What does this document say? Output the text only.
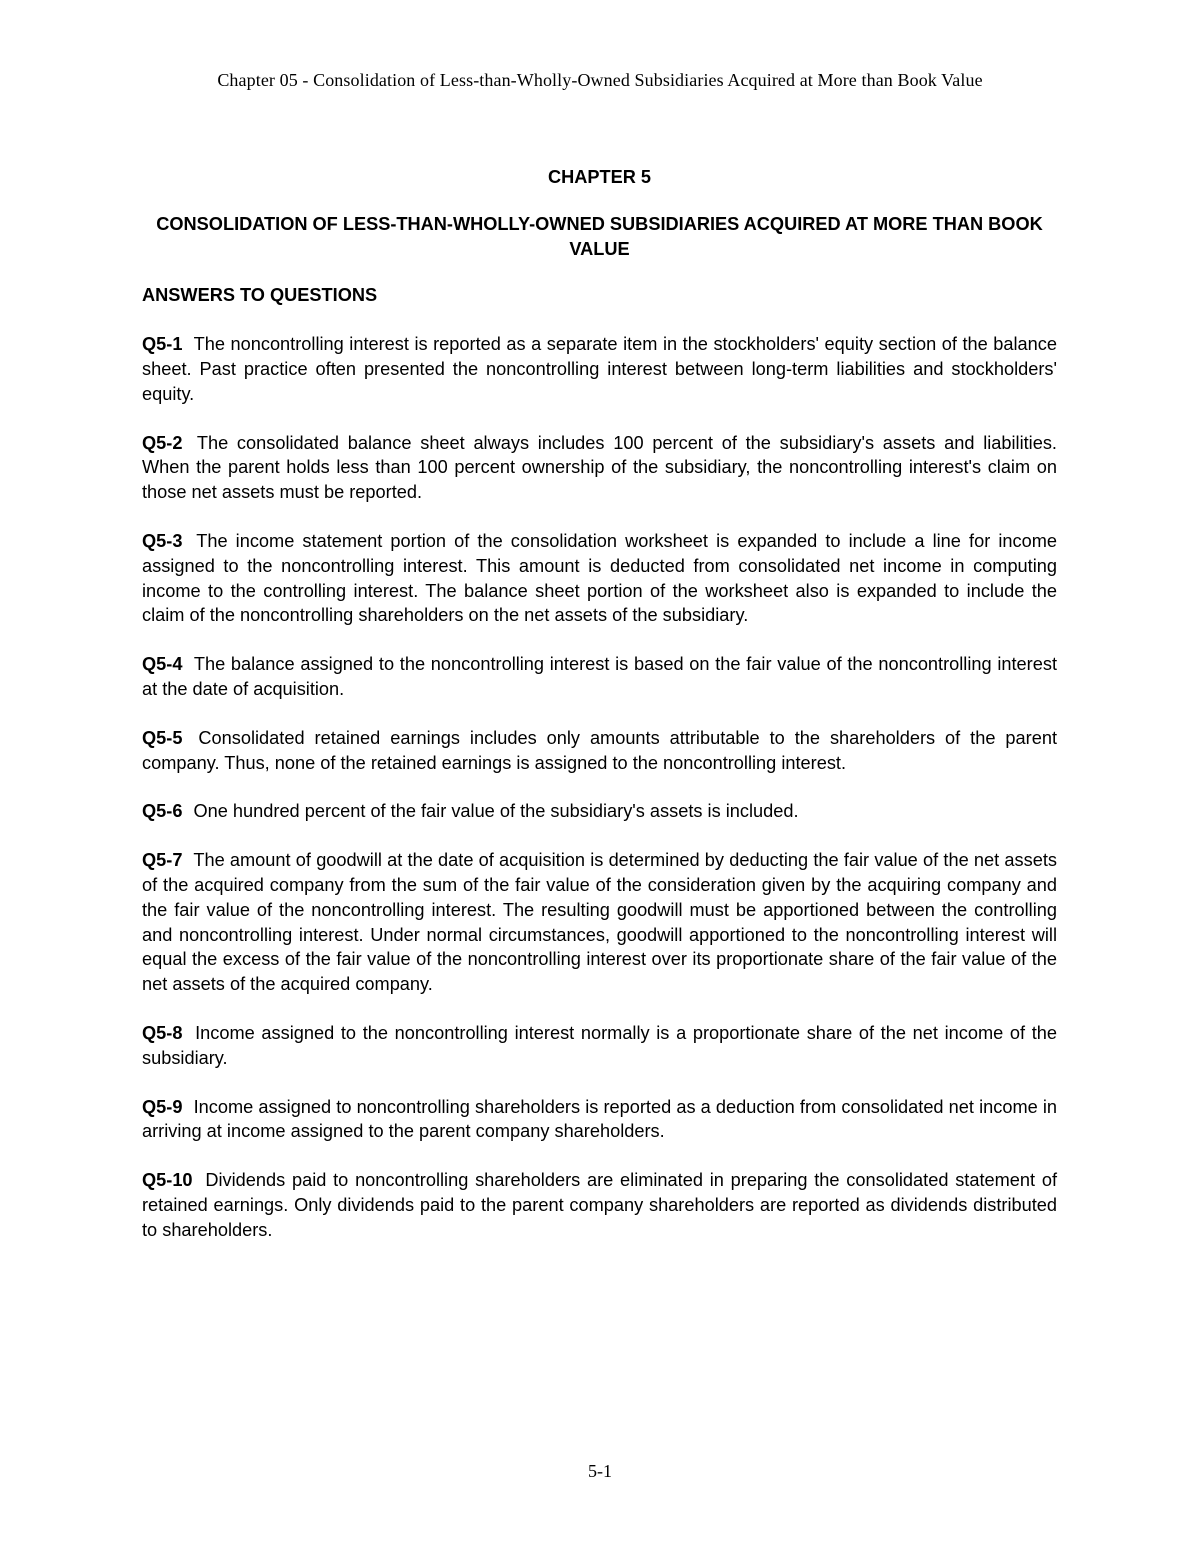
Chapter 05 - Consolidation of Less-than-Wholly-Owned Subsidiaries Acquired at More than Book Value

CHAPTER 5

CONSOLIDATION OF LESS-THAN-WHOLLY-OWNED SUBSIDIARIES ACQUIRED AT MORE THAN BOOK VALUE

ANSWERS TO QUESTIONS

Q5-1 The noncontrolling interest is reported as a separate item in the stockholders' equity section of the balance sheet. Past practice often presented the noncontrolling interest between long-term liabilities and stockholders' equity.

Q5-2 The consolidated balance sheet always includes 100 percent of the subsidiary's assets and liabilities. When the parent holds less than 100 percent ownership of the subsidiary, the noncontrolling interest's claim on those net assets must be reported.

Q5-3 The income statement portion of the consolidation worksheet is expanded to include a line for income assigned to the noncontrolling interest. This amount is deducted from consolidated net income in computing income to the controlling interest. The balance sheet portion of the worksheet also is expanded to include the claim of the noncontrolling shareholders on the net assets of the subsidiary.

Q5-4 The balance assigned to the noncontrolling interest is based on the fair value of the noncontrolling interest at the date of acquisition.

Q5-5 Consolidated retained earnings includes only amounts attributable to the shareholders of the parent company. Thus, none of the retained earnings is assigned to the noncontrolling interest.

Q5-6 One hundred percent of the fair value of the subsidiary's assets is included.

Q5-7 The amount of goodwill at the date of acquisition is determined by deducting the fair value of the net assets of the acquired company from the sum of the fair value of the consideration given by the acquiring company and the fair value of the noncontrolling interest. The resulting goodwill must be apportioned between the controlling and noncontrolling interest. Under normal circumstances, goodwill apportioned to the noncontrolling interest will equal the excess of the fair value of the noncontrolling interest over its proportionate share of the fair value of the net assets of the acquired company.

Q5-8 Income assigned to the noncontrolling interest normally is a proportionate share of the net income of the subsidiary.

Q5-9 Income assigned to noncontrolling shareholders is reported as a deduction from consolidated net income in arriving at income assigned to the parent company shareholders.

Q5-10 Dividends paid to noncontrolling shareholders are eliminated in preparing the consolidated statement of retained earnings. Only dividends paid to the parent company shareholders are reported as dividends distributed to shareholders.

5-1
